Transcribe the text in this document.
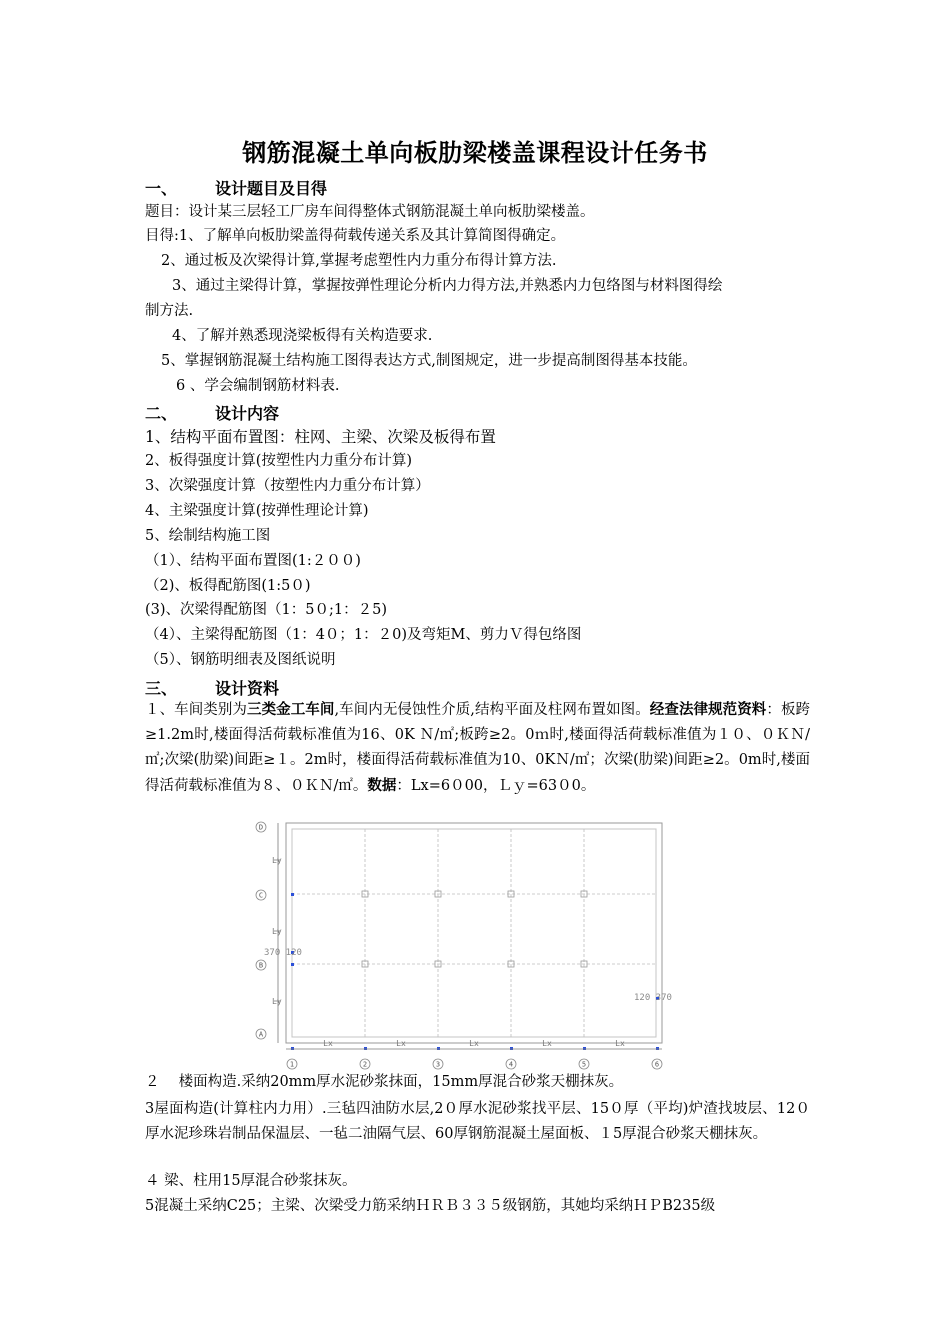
钢筋混凝土单向板肋梁楼盖课程设计任务书
一、 设计题目及目得
题目：设计某三层轻工厂房车间得整体式钢筋混凝土单向板肋梁楼盖。
目得:1、了解单向板肋梁盖得荷载传递关系及其计算简图得确定。
2、通过板及次梁得计算,掌握考虑塑性内力重分布得计算方法.
3、通过主梁得计算，掌握按弹性理论分析内力得方法,并熟悉内力包络图与材料图得绘
制方法.
4、了解并熟悉现浇梁板得有关构造要求.
5、掌握钢筋混凝土结构施工图得表达方式,制图规定，进一步提高制图得基本技能。
6 、学会编制钢筋材料表.
二、 设计内容
1、结构平面布置图：柱网、主梁、次梁及板得布置
2、板得强度计算(按塑性内力重分布计算)
3、次梁强度计算（按塑性内力重分布计算）
4、主梁强度计算(按弹性理论计算)
5、绘制结构施工图
（1）、结构平面布置图(1:２００)
（2)、板得配筋图(1:5０)
(3)、次梁得配筋图（1：5０;1：２5)
（4）、主梁得配筋图（1：4０；1：２0)及弯矩M、剪力Ｖ得包络图
（5）、钢筋明细表及图纸说明
三、 设计资料
１、车间类别为三类金工车间,车间内无侵蚀性介质,结构平面及柱网布置如图。经查法律规范资料：板跨≥1.2m时,楼面得活荷载标准值为16、0K Ｎ/㎡;板跨≥2。0ｍ时,楼面得活荷载标准值为１０、０ＫＮ/㎡;次梁(肋梁)间距≥１。2m时，楼面得活荷载标准值为10、0KＮ/㎡；次梁(肋梁)间距≥2。0m时,楼面得活荷载标准值为８、０ＫＮ/㎡。数据：Lx=6０00，Ｌｙ=63０0。
Ly
Ly
Ly
D
C
B
A
370 120
120 370
Lx	Lx	Lx	Lx	Lx
1	2	3	4	5	6
２　 楼面构造.采纳20mm厚水泥砂浆抹面，15mm厚混合砂浆天棚抹灰。
3屋面构造(计算柱内力用）.三毡四油防水层,2０厚水泥砂浆找平层、15０厚（平均)炉渣找坡层、12０厚水泥珍珠岩制品保温层、一毡二油隔气层、60厚钢筋混凝土屋面板、１5厚混合砂浆天棚抹灰。
４ 梁、柱用15厚混合砂浆抹灰。
5混凝土采纳C25；主梁、次梁受力筋采纳ＨＲＢ３３５级钢筋，其她均采纳ＨＰB235级
